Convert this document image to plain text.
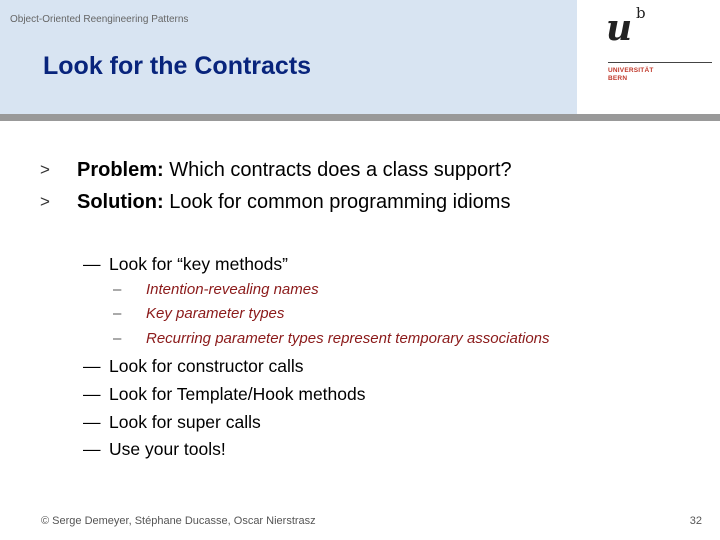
Object-Oriented Reengineering Patterns
Look for the Contracts
u b
UNIVERSITÄT
BERN
> Problem: Which contracts does a class support?
> Solution: Look for common programming idioms
— Look for “key methods”
– Intention-revealing names
– Key parameter types
– Recurring parameter types represent temporary associations
— Look for constructor calls
— Look for Template/Hook methods
— Look for super calls
— Use your tools!
© Serge Demeyer, Stéphane Ducasse, Oscar Nierstrasz	32
